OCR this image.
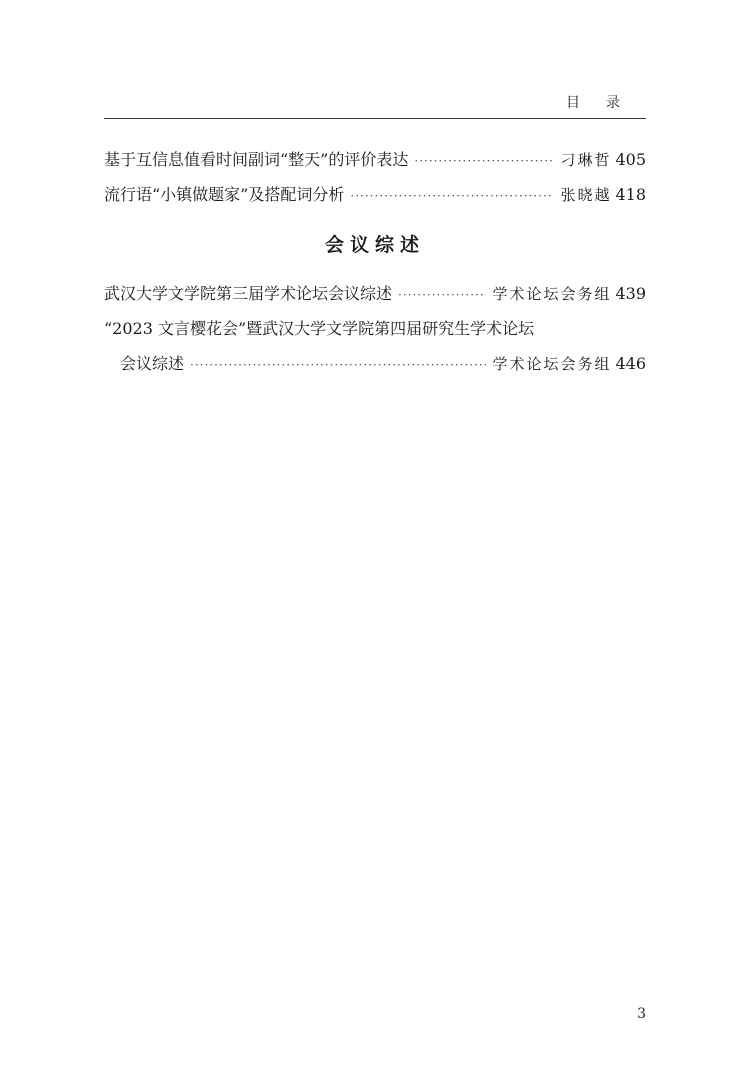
目录
基于互信息值看时间副词“整天”的评价表达 ·····	刁琳哲 405
流行语“小镇做题家”及搭配词分析 ·····	张晓越 418
会议综述
武汉大学文学院第三届学术论坛会议综述 ·····	学术论坛会务组 439
“2023 文言樱花会”暨武汉大学文学院第四届研究生学术论坛
会议综述 ·····	学术论坛会务组 446
3
